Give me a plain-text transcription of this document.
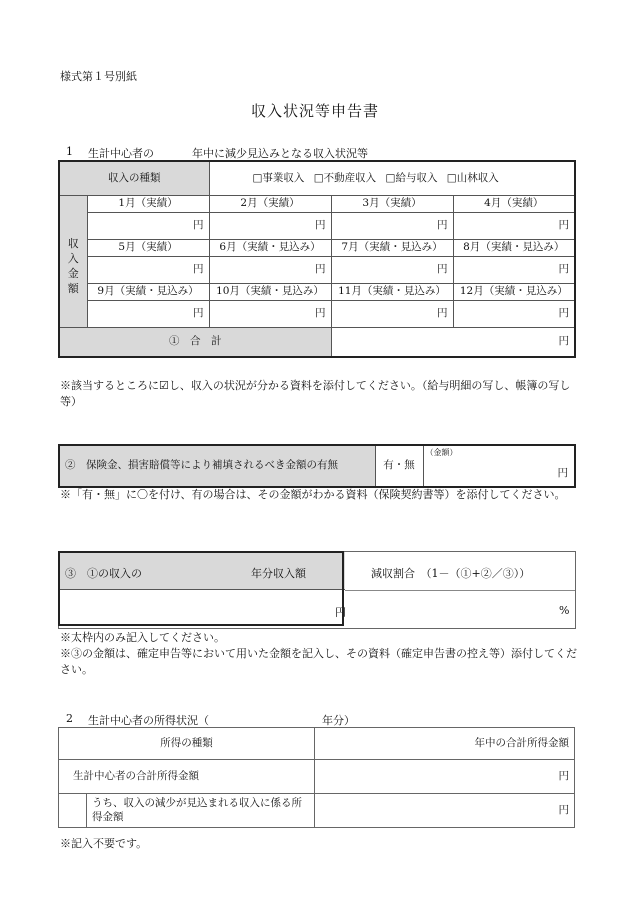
様式第１号別紙
収入状況等申告書
1 生計中心者の	年中に減少見込みとなる収入状況等
収入の種類		□事業収入 □不動産収入 □給与収入 □山林収入		

収
入
金
額	1月（実績）	2月（実績）	3月（実績）	4月（実績）
	円	円	円	円
	5月（実績）	6月（実績・見込み）	7月（実績・見込み）	8月（実績・見込み）
	円	円	円	円
	9月（実績・見込み）	10月（実績・見込み）	11月（実績・見込み）	12月（実績・見込み）
	円	円	円	円
①　合　計			円	
※該当するところに☑し、収入の状況が分かる資料を添付してください。（給与明細の写し、帳簿の写し等）
②　保険金、損害賠償等により補填されるべき金額の有無	有・無	
（金額）
円
※「有・無」に〇を付け、有の場合は、その金額がわかる資料（保険契約書等）を添付してください。
③　①の収入の	年分収入額	減収割合　（1－（①+②／③））
円	%
※太枠内のみ記入してください。
※③の金額は、確定申告等において用いた金額を記入し、その資料（確定申告書の控え等）添付してください。
2 生計中心者の所得状況（	年分）
所得の種類		年中の合計所得金額
生計中心者の合計所得金額		円
	うち、収入の減少が見込まれる収入に係る所得金額	円
※記入不要です。
